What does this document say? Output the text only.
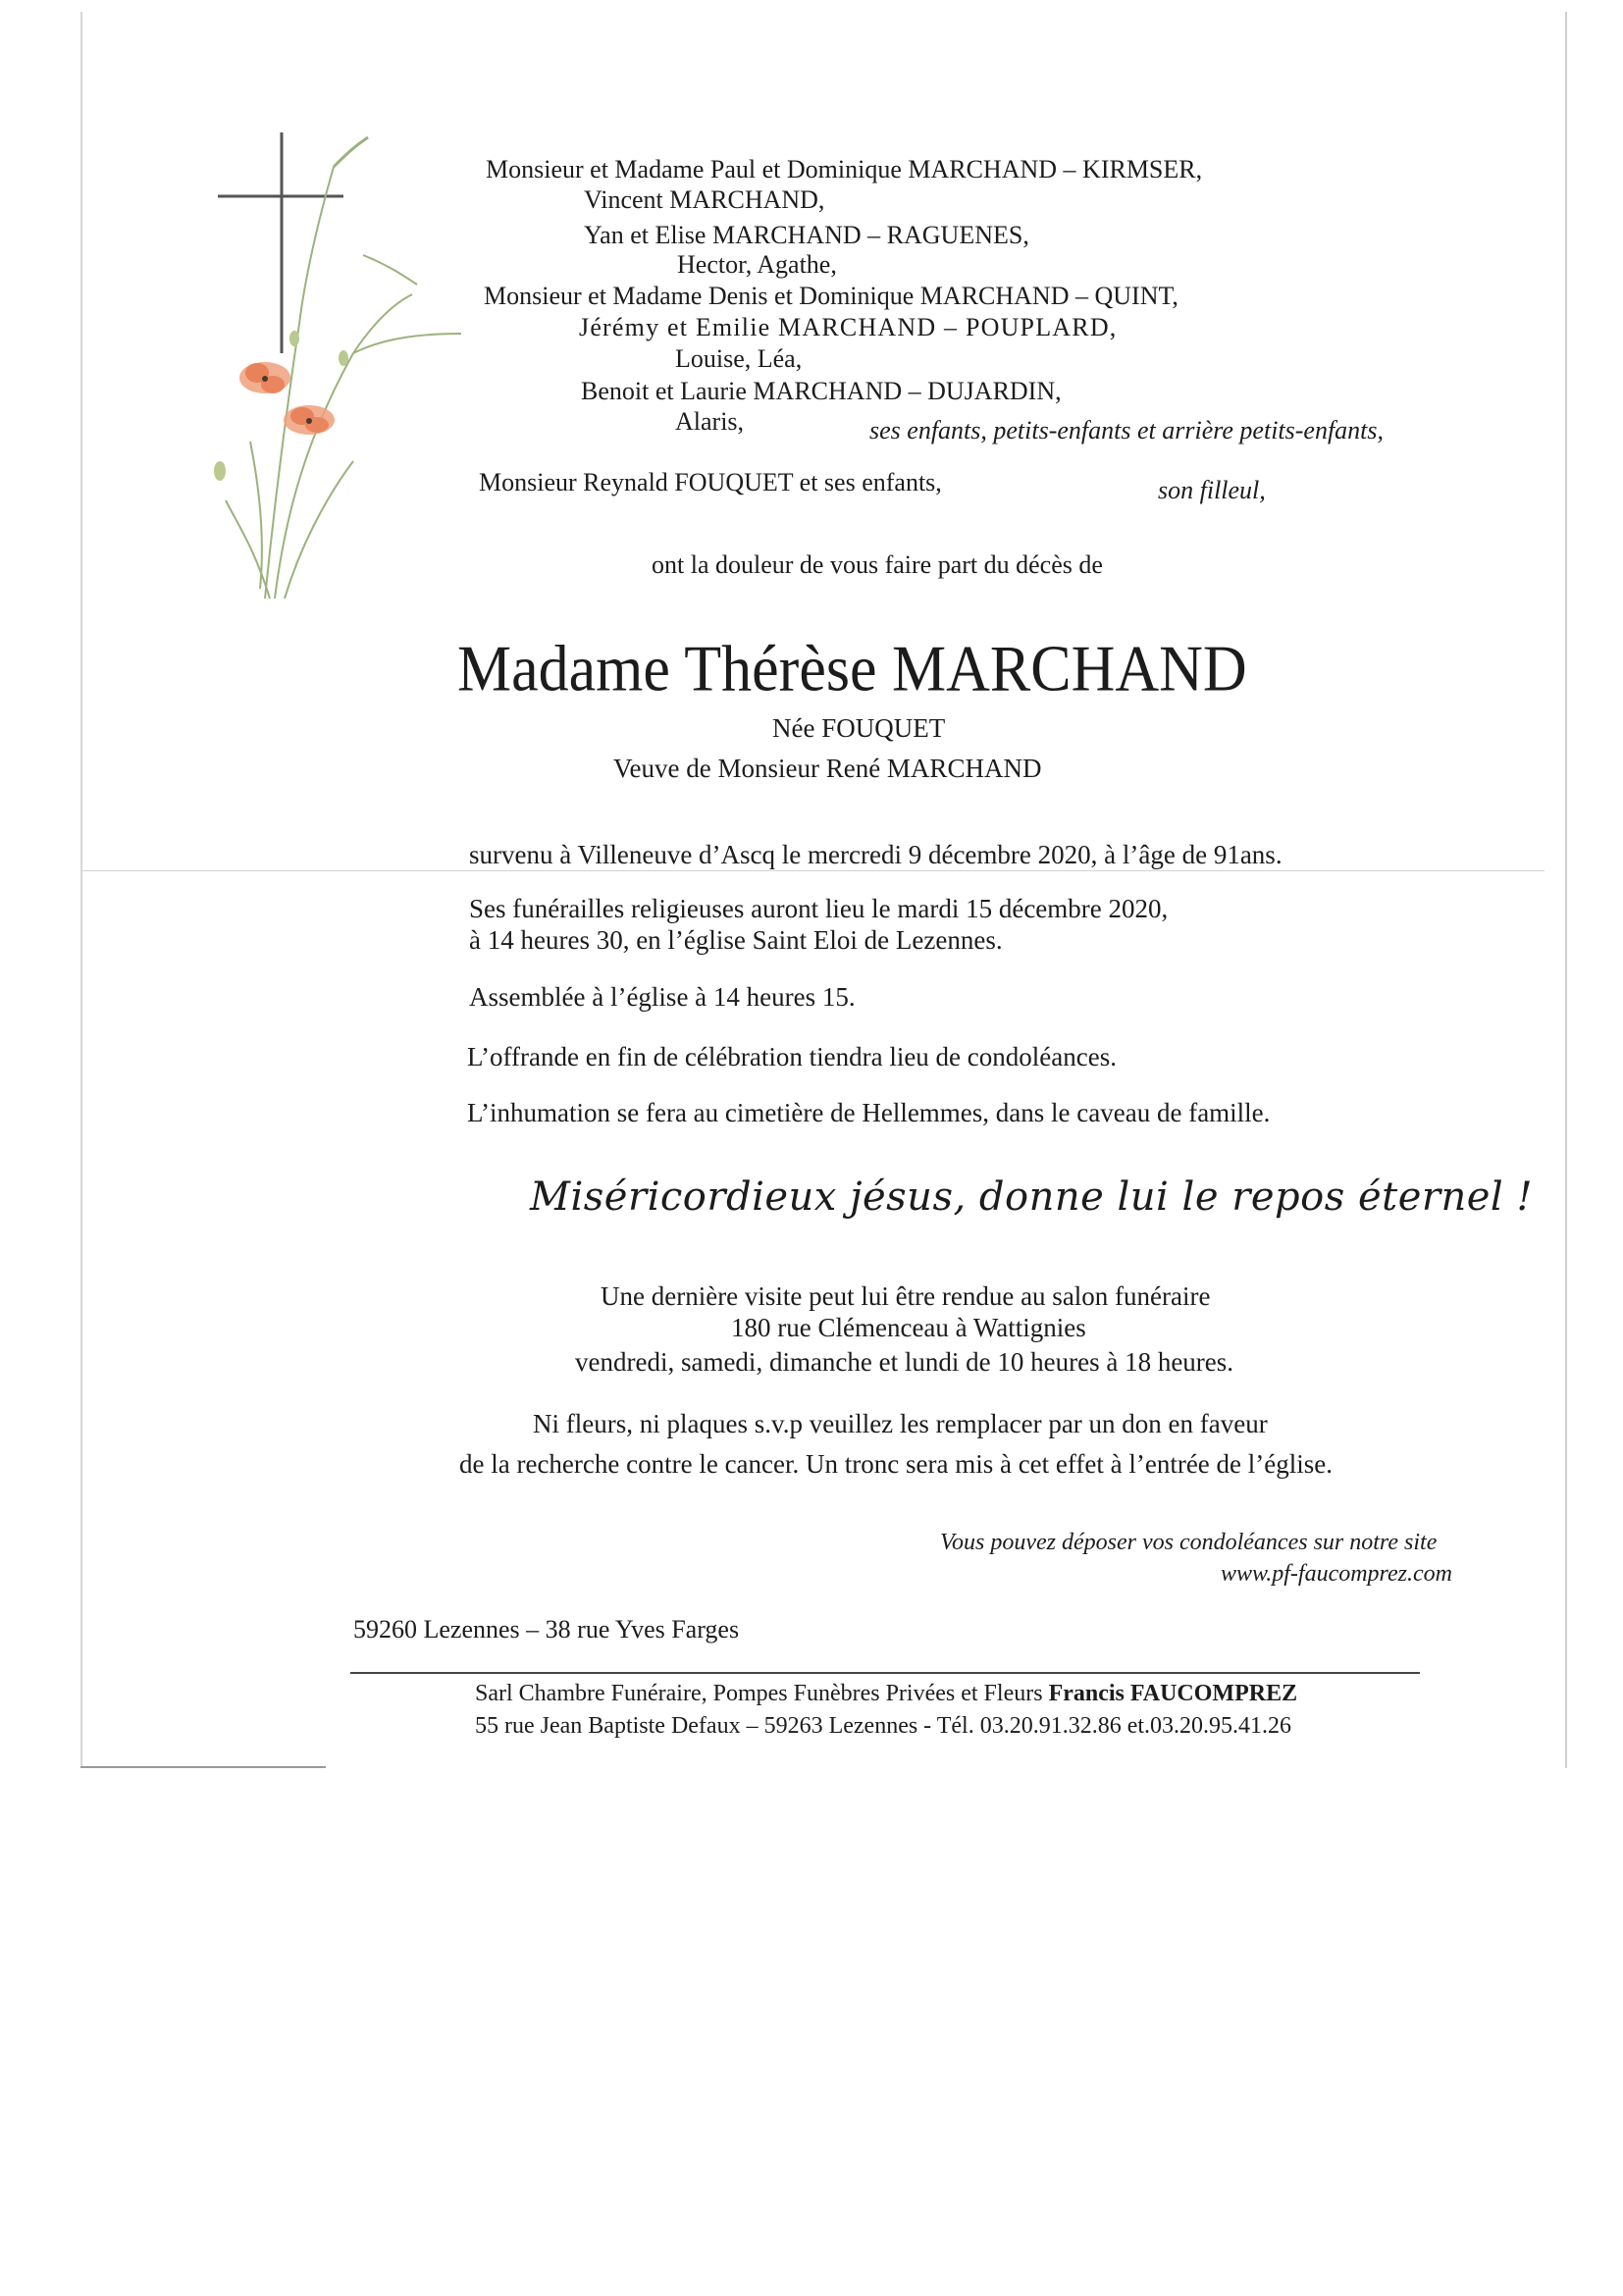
Monsieur et Madame Paul et Dominique MARCHAND – KIRMSER,
Vincent MARCHAND,
Yan et Elise MARCHAND – RAGUENES,
Hector, Agathe,
Monsieur et Madame Denis et Dominique MARCHAND – QUINT,
Jérémy et Emilie MARCHAND – POUPLARD,
Louise, Léa,
Benoit et Laurie MARCHAND – DUJARDIN,
Alaris,	ses enfants, petits-enfants et arrière petits-enfants,
Monsieur Reynald FOUQUET et ses enfants,	son filleul,
ont la douleur de vous faire part du décès de
Madame Thérèse MARCHAND
Née FOUQUET
Veuve de Monsieur René MARCHAND
survenu à Villeneuve d’Ascq le mercredi 9 décembre 2020, à l’âge de 91ans.
Ses funérailles religieuses auront lieu le mardi 15 décembre 2020,
à 14 heures 30, en l’église Saint Eloi de Lezennes.
Assemblée à l’église à 14 heures 15.
L’offrande en fin de célébration tiendra lieu de condoléances.
L’inhumation se fera au cimetière de Hellemmes, dans le caveau de famille.
Miséricordieux jésus, donne lui le repos éternel !
Une dernière visite peut lui être rendue au salon funéraire
180 rue Clémenceau à Wattignies
vendredi, samedi, dimanche et lundi de 10 heures à 18 heures.
Ni fleurs, ni plaques s.v.p veuillez les remplacer par un don en faveur
de la recherche contre le cancer. Un tronc sera mis à cet effet à l’entrée de l’église.
Vous pouvez déposer vos condoléances sur notre site
www.pf-faucomprez.com
59260 Lezennes – 38 rue Yves Farges
Sarl Chambre Funéraire, Pompes Funèbres Privées et Fleurs Francis FAUCOMPREZ
55 rue Jean Baptiste Defaux – 59263 Lezennes - Tél. 03.20.91.32.86 et.03.20.95.41.26
